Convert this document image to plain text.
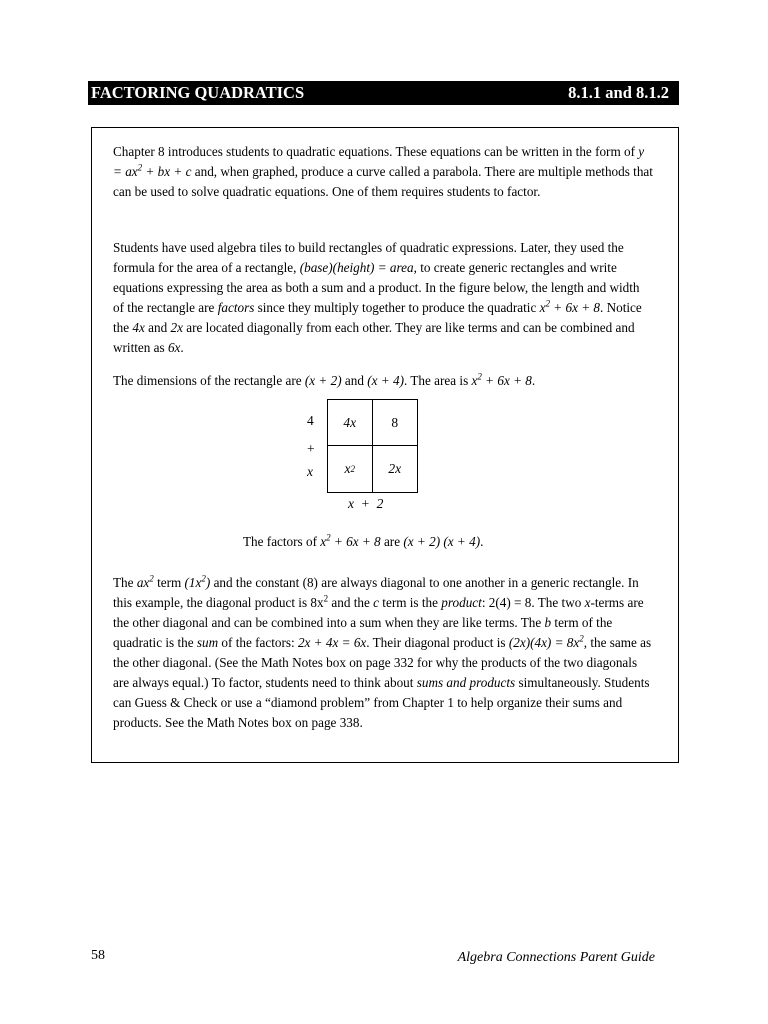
FACTORING QUADRATICS	8.1.1 and 8.1.2

Chapter 8 introduces students to quadratic equations. These equations can be written in the form of $y = ax^2$ + bx + c and, when graphed, produce a curve called a parabola. There are multiple methods that can be used to solve quadratic equations. One of them requires students to factor.

Students have used algebra tiles to build rectangles of quadratic expressions. Later, they used the formula for the area of a rectangle, (base)(height) = area, to create generic rectangles and write equations expressing the area as both a sum and a product. In the figure below, the length and width of the rectangle are factors since they multiply together to produce the quadratic $x^2 + 6x + 8$. Notice the 4x and 2x are located diagonally from each other. They are like terms and can be combined and written as 6x.

The dimensions of the rectangle are (x + 2) and (x + 4). The area is $x^2 + 6x + 8$.

4
+
x
4x	8
x 2	2x
x  +  2

The factors of $x^2 + 6x + 8$ are (x + 2) (x + 4).

The $ax^2$ term $(1x^2)$ and the constant (8) are always diagonal to one another in a generic rectangle. In this example, the diagonal product is $8x^2$ and the c term is the product: 2(4) = 8. The two x-terms are the other diagonal and can be combined into a sum when they are like terms. The b term of the quadratic is the sum of the factors: 2x + 4x = 6x. Their diagonal product is $(2x)(4x) = 8x^2$, the same as the other diagonal. (See the Math Notes box on page 332 for why the products of the two diagonals are always equal.) To factor, students need to think about sums and products simultaneously. Students can Guess & Check or use a “diamond problem” from Chapter 1 to help organize their sums and products. See the Math Notes box on page 338.

58	Algebra Connections Parent Guide
